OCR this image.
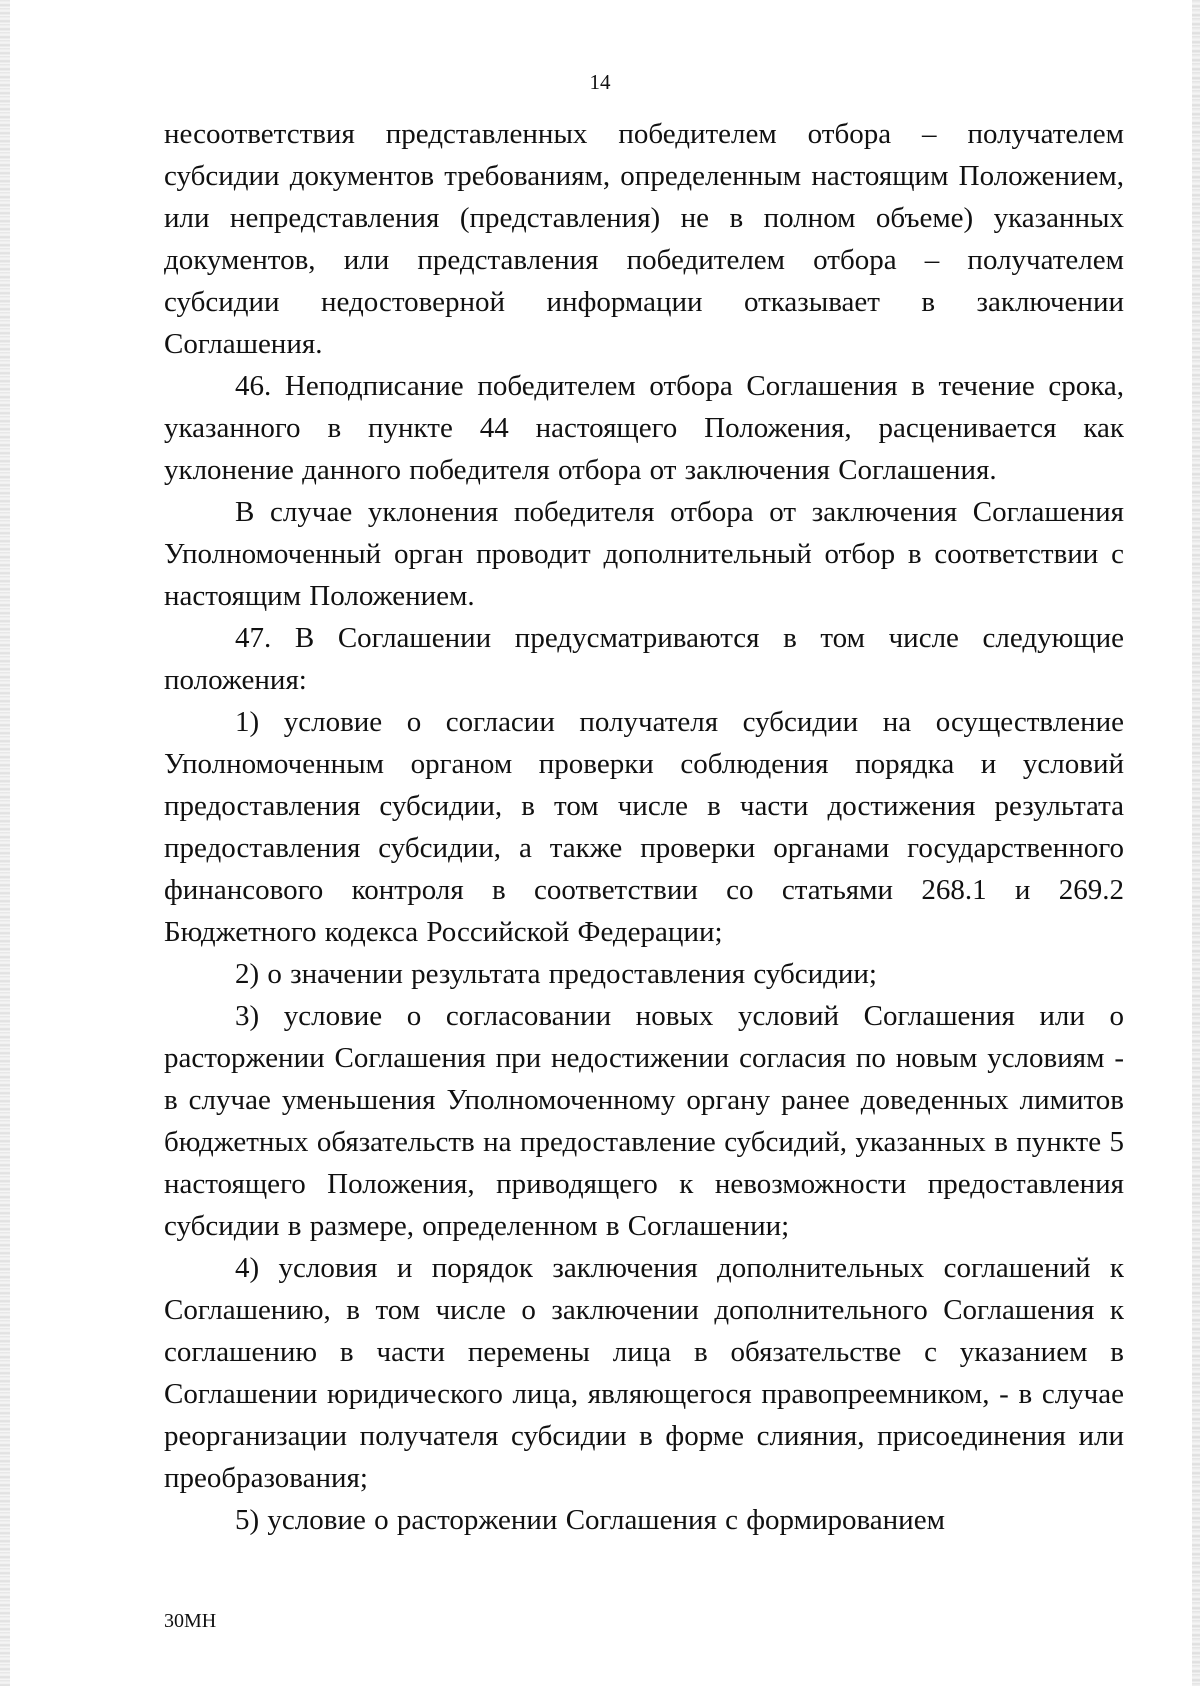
14

несоответствия представленных победителем отбора – получателем субсидии документов требованиям, определенным настоящим Положением, или непредставления (представления) не в полном объеме) указанных документов, или представления победителем отбора – получателем субсидии недостоверной информации отказывает в заключении Соглашения.

46. Неподписание победителем отбора Соглашения в течение срока, указанного в пункте 44 настоящего Положения, расценивается как уклонение данного победителя отбора от заключения Соглашения.

В случае уклонения победителя отбора от заключения Соглашения Уполномоченный орган проводит дополнительный отбор в соответствии с настоящим Положением.

47. В Соглашении предусматриваются в том числе следующие положения:

1) условие о согласии получателя субсидии на осуществление Уполномоченным органом проверки соблюдения порядка и условий предоставления субсидии, в том числе в части достижения результата предоставления субсидии, а также проверки органами государственного финансового контроля в соответствии со статьями 268.1 и 269.2 Бюджетного кодекса Российской Федерации;

2) о значении результата предоставления субсидии;

3) условие о согласовании новых условий Соглашения или о расторжении Соглашения при недостижении согласия по новым условиям - в случае уменьшения Уполномоченному органу ранее доведенных лимитов бюджетных обязательств на предоставление субсидий, указанных в пункте 5 настоящего Положения, приводящего к невозможности предоставления субсидии в размере, определенном в Соглашении;

4) условия и порядок заключения дополнительных соглашений к Соглашению, в том числе о заключении дополнительного Соглашения к соглашению в части перемены лица в обязательстве с указанием в Соглашении юридического лица, являющегося правопреемником, - в случае реорганизации получателя субсидии в форме слияния, присоединения или преобразования;

5) условие о расторжении Соглашения с формированием

30МН
